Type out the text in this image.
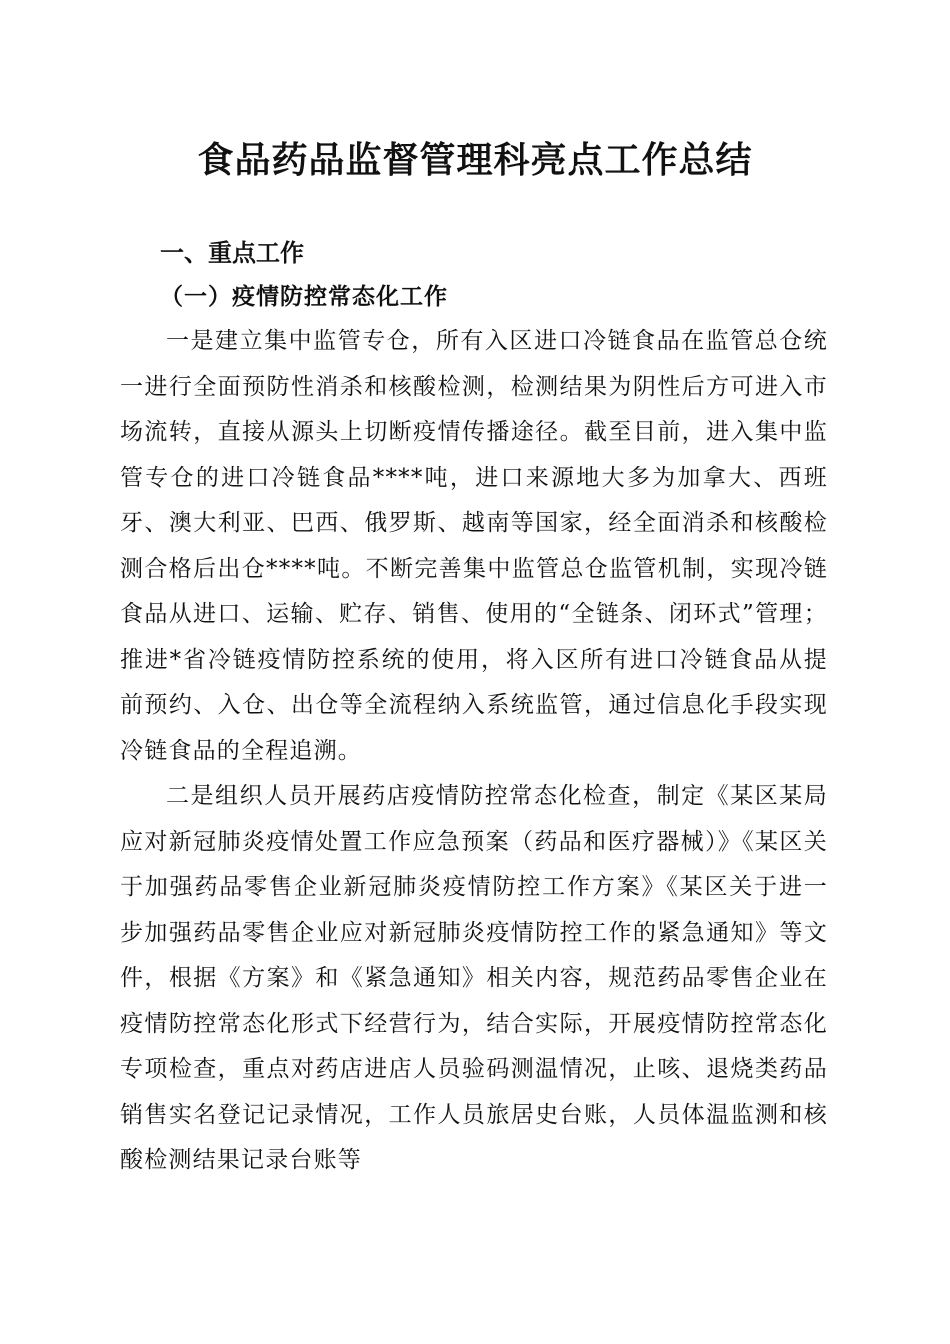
食品药品监督管理科亮点工作总结
一、重点工作
（一）疫情防控常态化工作

一是建立集中监管专仓，所有入区进口冷链食品在监管总仓统一进行全面预防性消杀和核酸检测，检测结果为阴性后方可进入市场流转，直接从源头上切断疫情传播途径。截至目前，进入集中监管专仓的进口冷链食品****吨，进口来源地大多为加拿大、西班牙、澳大利亚、巴西、俄罗斯、越南等国家，经全面消杀和核酸检测合格后出仓****吨。不断完善集中监管总仓监管机制，实现冷链食品从进口、运输、贮存、销售、使用的“全链条、闭环式”管理；推进*省冷链疫情防控系统的使用，将入区所有进口冷链食品从提前预约、入仓、出仓等全流程纳入系统监管，通过信息化手段实现冷链食品的全程追溯。

二是组织人员开展药店疫情防控常态化检查，制定《某区某局应对新冠肺炎疫情处置工作应急预案（药品和医疗器械）》《某区关于加强药品零售企业新冠肺炎疫情防控工作方案》《某区关于进一步加强药品零售企业应对新冠肺炎疫情防控工作的紧急通知》等文件，根据《方案》和《紧急通知》相关内容，规范药品零售企业在疫情防控常态化形式下经营行为，结合实际，开展疫情防控常态化专项检查，重点对药店进店人员验码测温情况，止咳、退烧类药品销售实名登记记录情况，工作人员旅居史台账，人员体温监测和核酸检测结果记录台账等
